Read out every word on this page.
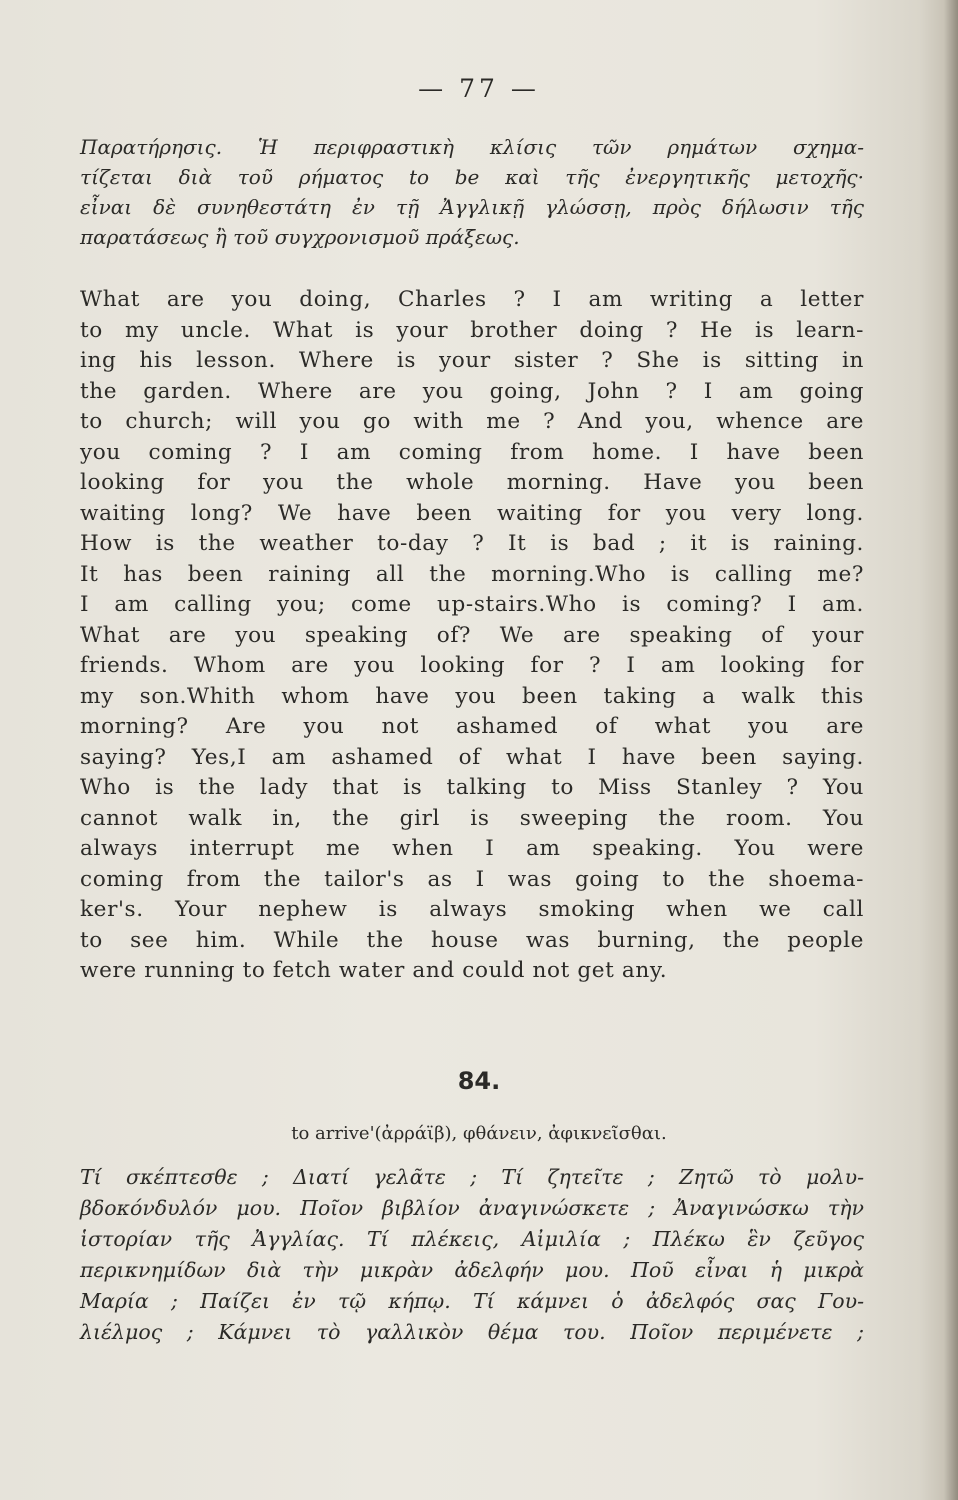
— 77 —
Παρατήρησις. Ἡ περιφραστικὴ κλίσις τῶν ρημάτων σχημα-
τίζεται διὰ τοῦ ρήματος to be καὶ τῆς ἐνεργητικῆς μετοχῆς·
εἶναι δὲ συνηθεστάτη ἐν τῇ Ἀγγλικῇ γλώσσῃ, πρὸς δήλωσιν τῆς
παρατάσεως ἢ τοῦ συγχρονισμοῦ πράξεως.
What are you doing, Charles ? I am writing a letter
to my uncle. What is your brother doing ? He is learn-
ing his lesson. Where is your sister ? She is sitting in
the garden. Where are you going, John ? I am going
to church; will you go with me ? And you, whence are
you coming ? I am coming from home. I have been
looking for you the whole morning. Have you been
waiting long? We have been waiting for you very long.
How is the weather to-day ? It is bad ; it is raining.
It has been raining all the morning.Who is calling me?
I am calling you; come up-stairs.Who is coming? I am.
What are you speaking of? We are speaking of your
friends. Whom are you looking for ? I am looking for
my son.Whith whom have you been taking a walk this
morning? Are you not ashamed of what you are
saying? Yes,I am ashamed of what I have been saying.
Who is the lady that is talking to Miss Stanley ? You
cannot walk in, the girl is sweeping the room. You
always interrupt me when I am speaking. You were
coming from the tailor's as I was going to the shoema-
ker's. Your nephew is always smoking when we call
to see him. While the house was burning, the people
were running to fetch water and could not get any.
84.
to arrive'(ἀρράϊβ), φθάνειν, ἀφικνεῖσθαι.
Τί σκέπτεσθε ; Διατί γελᾶτε ; Τί ζητεῖτε ; Ζητῶ τὸ μολυ-
βδοκόνδυλόν μου. Ποῖον βιβλίον ἀναγινώσκετε ; Ἀναγινώσκω τὴν
ἱστορίαν τῆς Ἀγγλίας. Τί πλέκεις, Αἰμιλία ; Πλέκω ἓν ζεῦγος
περικνημίδων διὰ τὴν μικρὰν ἀδελφήν μου. Ποῦ εἶναι ἡ μικρὰ
Μαρία ; Παίζει ἐν τῷ κήπῳ. Τί κάμνει ὁ ἀδελφός σας Γου-
λιέλμος ; Κάμνει τὸ γαλλικὸν θέμα του. Ποῖον περιμένετε ;
